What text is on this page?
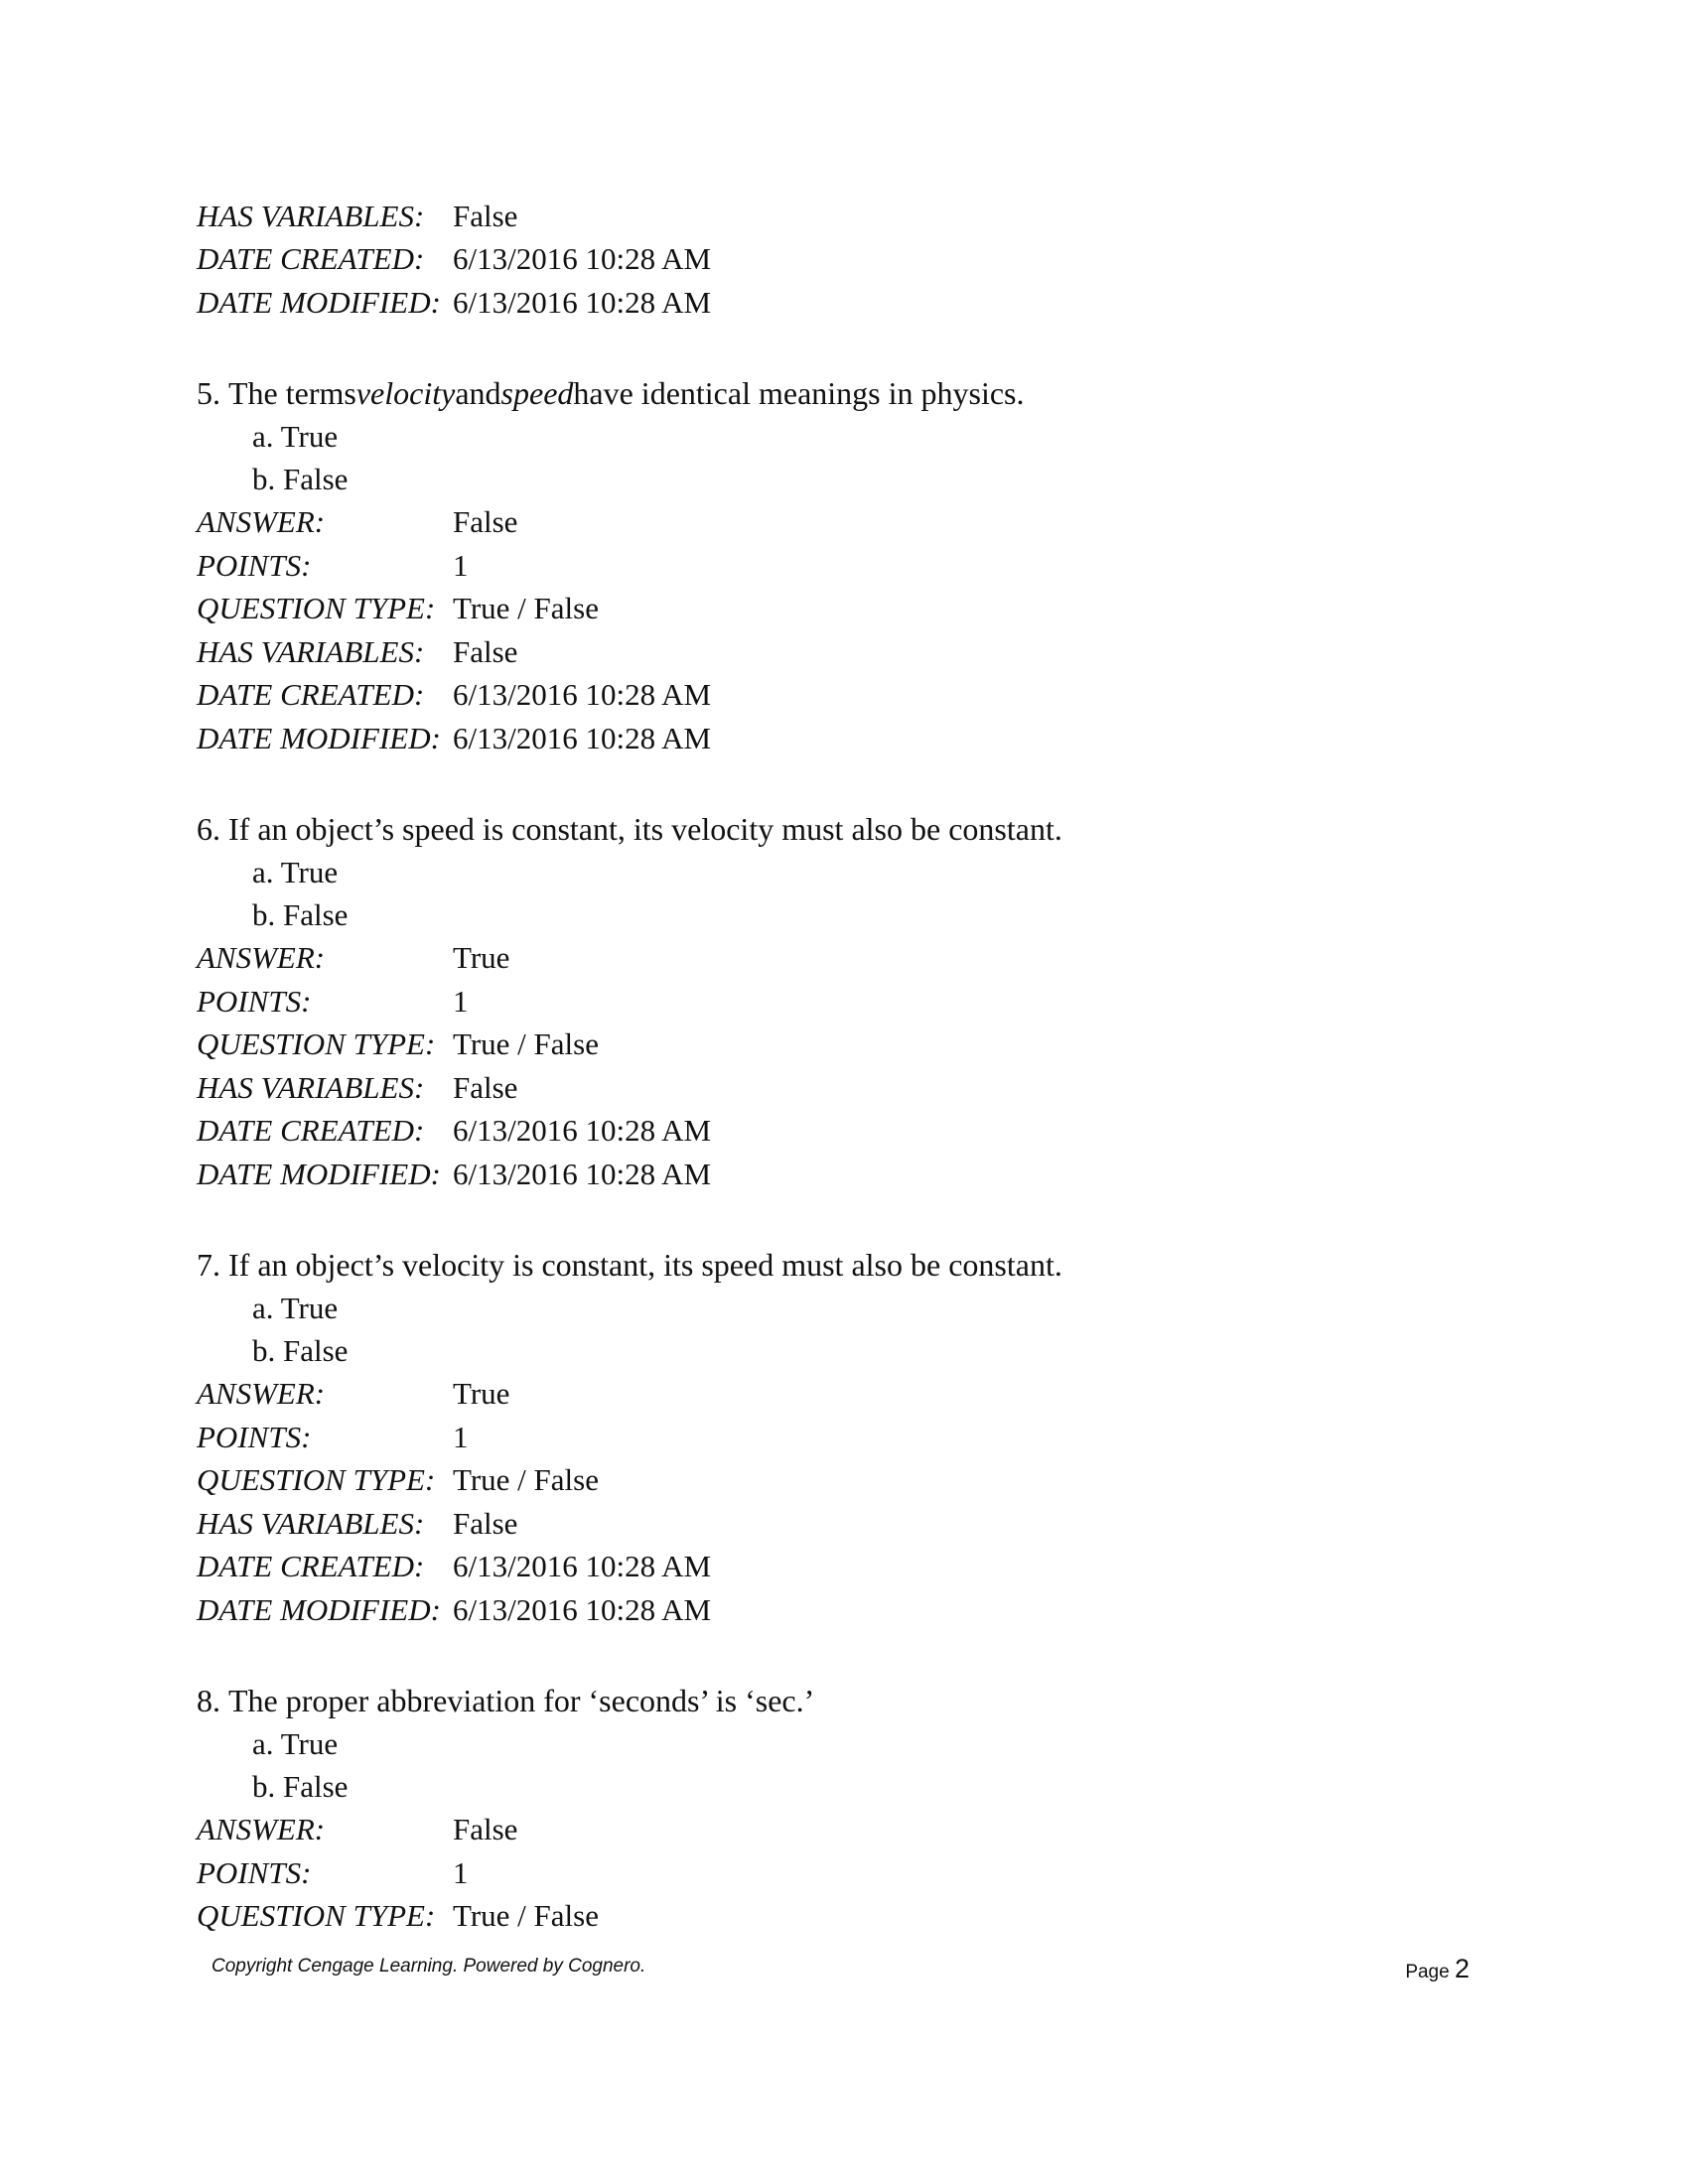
HAS VARIABLES: False
DATE CREATED: 6/13/2016 10:28 AM
DATE MODIFIED: 6/13/2016 10:28 AM
5.
The terms velocity and speed have identical meanings in physics.
a. True
b. False
ANSWER:	False
POINTS:	1
QUESTION TYPE: True / False
HAS VARIABLES: False
DATE CREATED: 6/13/2016 10:28 AM
DATE MODIFIED: 6/13/2016 10:28 AM
6.
If an object’s speed is constant, its velocity must also be constant.
a. True
b. False
ANSWER:	True
POINTS:	1
QUESTION TYPE: True / False
HAS VARIABLES: False
DATE CREATED: 6/13/2016 10:28 AM
DATE MODIFIED: 6/13/2016 10:28 AM
7.
If an object’s velocity is constant, its speed must also be constant.
a. True
b. False
ANSWER:	True
POINTS:	1
QUESTION TYPE: True / False
HAS VARIABLES: False
DATE CREATED: 6/13/2016 10:28 AM
DATE MODIFIED: 6/13/2016 10:28 AM
8.
The proper abbreviation for ‘seconds’ is ‘sec.’
a. True
b. False
ANSWER:	False
POINTS:	1
QUESTION TYPE: True / False
Copyright Cengage Learning. Powered by Cognero.	Page 2
